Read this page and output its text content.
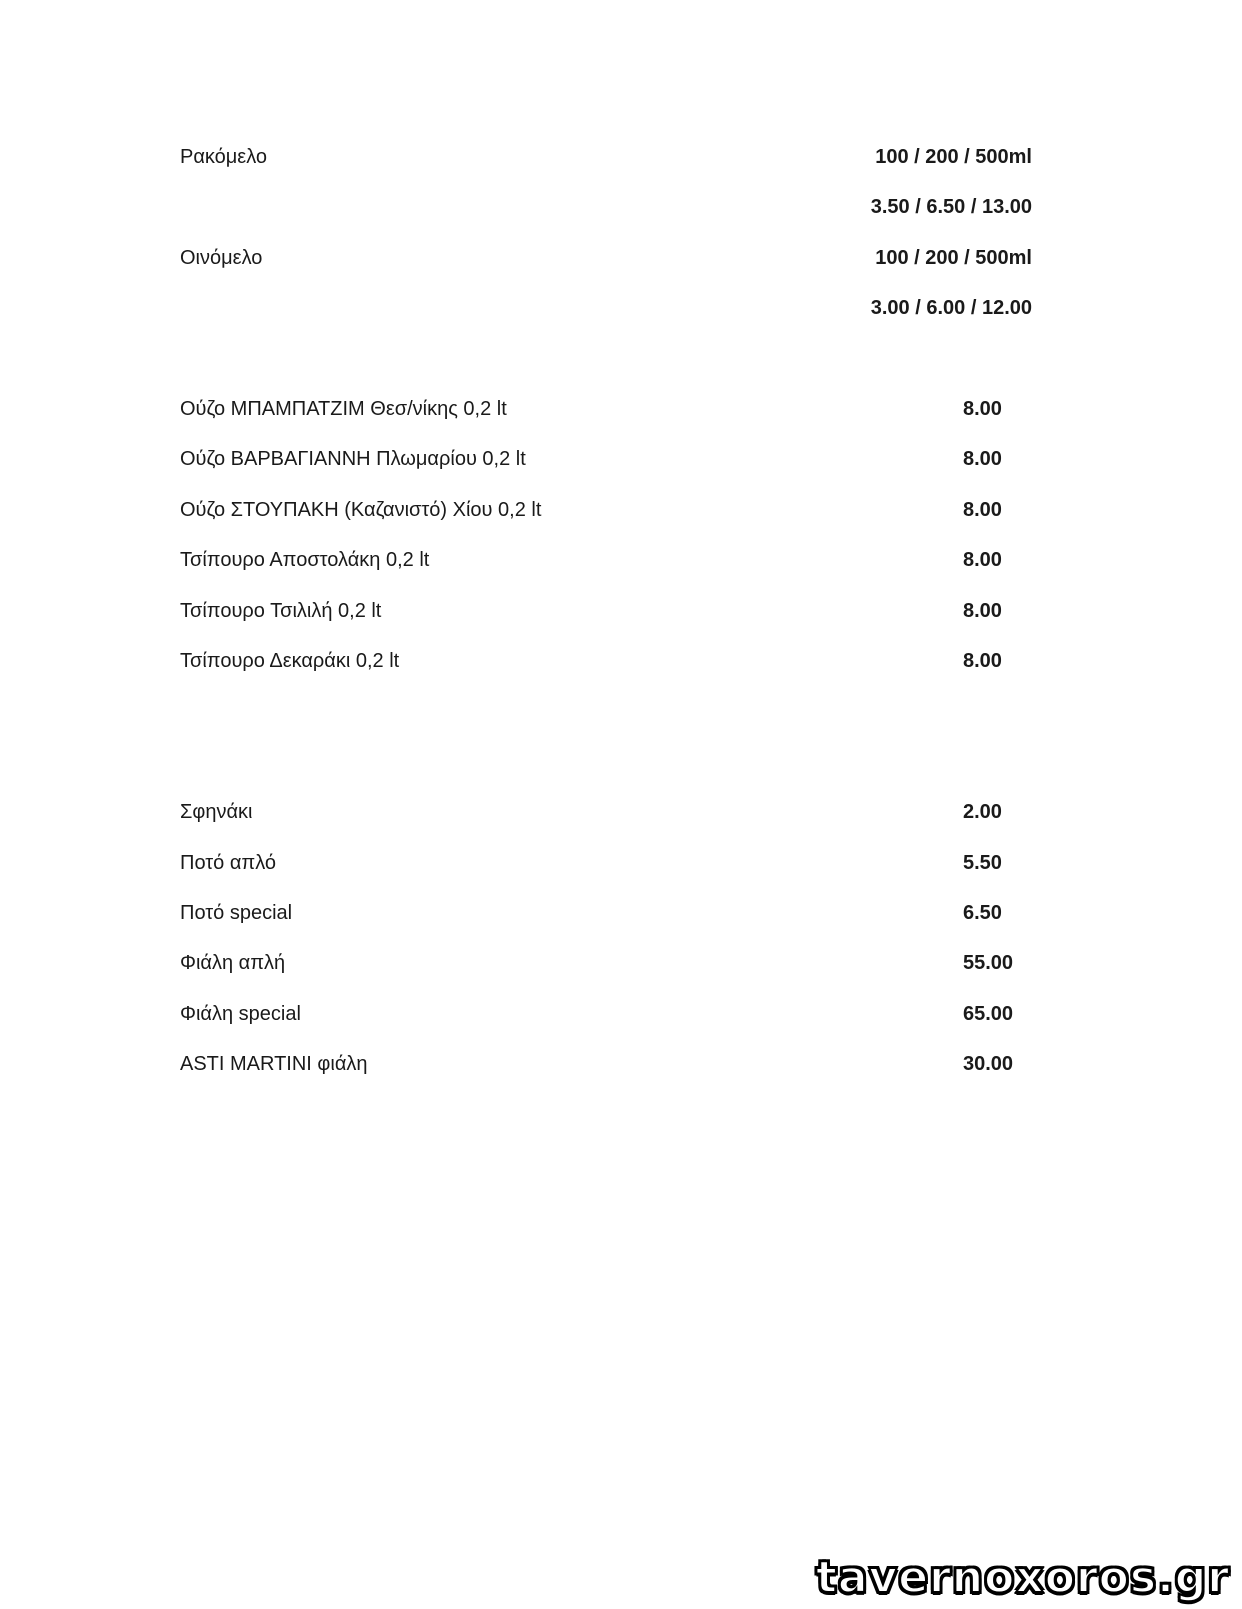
Ρακόμελο	100 / 200 / 500ml
3.50 / 6.50 / 13.00
Οινόμελο	100 / 200 / 500ml
3.00 / 6.00 / 12.00
Ούζο ΜΠΑΜΠΑΤΖΙΜ Θεσ/νίκης 0,2 lt	8.00
Ούζο ΒΑΡΒΑΓΙΑΝΝΗ Πλωμαρίου 0,2 lt	8.00
Ούζο ΣΤΟΥΠΑΚΗ (Καζανιστό) Χίου 0,2 lt	8.00
Τσίπουρο Αποστολάκη 0,2 lt	8.00
Τσίπουρο Τσιλιλή 0,2 lt	8.00
Τσίπουρο Δεκαράκι 0,2 lt	8.00
Σφηνάκι	2.00
Ποτό απλό	5.50
Ποτό special	6.50
Φιάλη απλή	55.00
Φιάλη special	65.00
ASTI MARTINI φιάλη	30.00
tavernoxoros.gr
